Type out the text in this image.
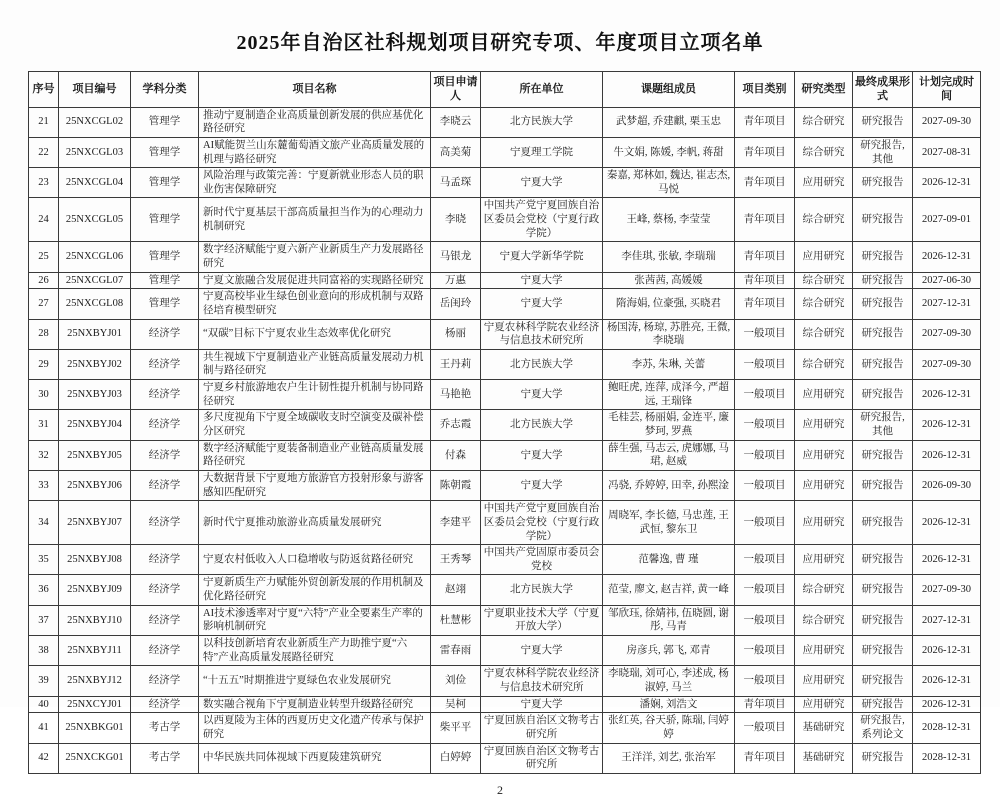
2025年自治区社科规划项目研究专项、年度项目立项名单
序号	项目编号	学科分类	项目名称	项目申请人	所在单位	课题组成员	项目类别	研究类型	最终成果形式	计划完成时间
21	25NXCGL02	管理学	推动宁夏制造企业高质量创新发展的供应基优化路径研究	李晓云	北方民族大学	武梦超, 乔建麒, 栗玉忠	青年项目	综合研究	研究报告	2027-09-30
22	25NXCGL03	管理学	AI赋能贺兰山东麓葡萄酒文旅产业高质量发展的机理与路径研究	高美菊	宁夏理工学院	牛文娟, 陈媛, 李帆, 蒋甜	青年项目	综合研究	研究报告, 其他	2027-08-31
23	25NXCGL04	管理学	风险治理与政策完善：宁夏新就业形态人员的职业伤害保障研究	马孟琛	宁夏大学	秦嘉, 郑林如, 魏达, 崔志杰, 马悦	青年项目	应用研究	研究报告	2026-12-31
24	25NXCGL05	管理学	新时代宁夏基层干部高质量担当作为的心理动力机制研究	李晓	中国共产党宁夏回族自治区委员会党校（宁夏行政学院）	王峰, 蔡杨, 李莹莹	青年项目	综合研究	研究报告	2027-09-01
25	25NXCGL06	管理学	数字经济赋能宁夏六新产业新质生产力发展路径研究	马银龙	宁夏大学新华学院	李佳琪, 张敏, 李瑞瑞	青年项目	应用研究	研究报告	2026-12-31
26	25NXCGL07	管理学	宁夏文旅融合发展促进共同富裕的实现路径研究	万惠	宁夏大学	张茜茜, 高媛媛	青年项目	综合研究	研究报告	2027-06-30
27	25NXCGL08	管理学	宁夏高校毕业生绿色创业意向的形成机制与双路径培育模型研究	岳闺玲	宁夏大学	隋海娟, 位豪强, 买晓君	青年项目	综合研究	研究报告	2027-12-31
28	25NXBYJ01	经济学	“双碳”目标下宁夏农业生态效率优化研究	杨丽	宁夏农林科学院农业经济与信息技术研究所	杨国涛, 杨琼, 苏胜亮, 王微, 李晓瑞	一般项目	综合研究	研究报告	2027-09-30
29	25NXBYJ02	经济学	共生视域下宁夏制造业产业链高质量发展动力机制与路径研究	王丹莉	北方民族大学	李苏, 朱琳, 关蕾	一般项目	综合研究	研究报告	2027-09-30
30	25NXBYJ03	经济学	宁夏乡村旅游地农户生计韧性提升机制与协同路径研究	马艳艳	宁夏大学	鲍旺虎, 连萍, 成泽今, 严超远, 王瑞锋	一般项目	应用研究	研究报告	2026-12-31
31	25NXBYJ04	经济学	多尺度视角下宁夏全域碳收支时空演变及碳补偿分区研究	乔志霞	北方民族大学	毛桂芸, 杨丽娟, 金连平, 廉梦珂, 罗燕	一般项目	应用研究	研究报告, 其他	2026-12-31
32	25NXBYJ05	经济学	数字经济赋能宁夏装备制造业产业链高质量发展路径研究	付森	宁夏大学	薛生强, 马志云, 虎娜娜, 马珺, 赵威	一般项目	应用研究	研究报告	2026-12-31
33	25NXBYJ06	经济学	大数据背景下宁夏地方旅游官方投射形象与游客感知匹配研究	陈朝霞	宁夏大学	冯骁, 乔婷婷, 田幸, 孙熙淦	一般项目	应用研究	研究报告	2026-09-30
34	25NXBYJ07	经济学	新时代宁夏推动旅游业高质量发展研究	李建平	中国共产党宁夏回族自治区委员会党校（宁夏行政学院）	周晓军, 李长德, 马忠莲, 王武恒, 黎东卫	一般项目	应用研究	研究报告	2026-12-31
35	25NXBYJ08	经济学	宁夏农村低收入人口稳增收与防返贫路径研究	王秀琴	中国共产党固原市委员会党校	范馨逸, 曹 瑾	一般项目	应用研究	研究报告	2026-12-31
36	25NXBYJ09	经济学	宁夏新质生产力赋能外贸创新发展的作用机制及优化路径研究	赵翊	北方民族大学	范莹, 廖文, 赵吉祥, 黄一峰	一般项目	综合研究	研究报告	2027-09-30
37	25NXBYJ10	经济学	AI技术渗透率对宁夏“六特”产业全要素生产率的影响机制研究	杜慧彬	宁夏职业技术大学（宁夏开放大学）	邹欣珏, 徐婧祎, 伍晓圆, 谢彤, 马青	一般项目	综合研究	研究报告	2027-12-31
38	25NXBYJ11	经济学	以科技创新培育农业新质生产力助推宁夏“六特”产业高质量发展路径研究	雷春雨	宁夏大学	房彦兵, 郭飞, 邓青	一般项目	应用研究	研究报告	2026-12-31
39	25NXBYJ12	经济学	“十五五”时期推进宁夏绿色农业发展研究	刘俭	宁夏农林科学院农业经济与信息技术研究所	李晓瑞, 刘可心, 李述成, 杨淑婷, 马兰	一般项目	应用研究	研究报告	2026-12-31
40	25NXCYJ01	经济学	数实融合视角下宁夏制造业转型升级路径研究	吴柯	宁夏大学	潘娴, 刘浩文	青年项目	应用研究	研究报告	2026-12-31
41	25NXBKG01	考古学	以西夏陵为主体的西夏历史文化遗产传承与保护研究	柴平平	宁夏回族自治区文物考古研究所	张红英, 谷天骄, 陈瑞, 闫婷婷	一般项目	基础研究	研究报告, 系列论文	2028-12-31
42	25NXCKG01	考古学	中华民族共同体视域下西夏陵建筑研究	白婷婷	宁夏回族自治区文物考古研究所	王洋洋, 刘艺, 张治军	青年项目	基础研究	研究报告	2028-12-31
2
